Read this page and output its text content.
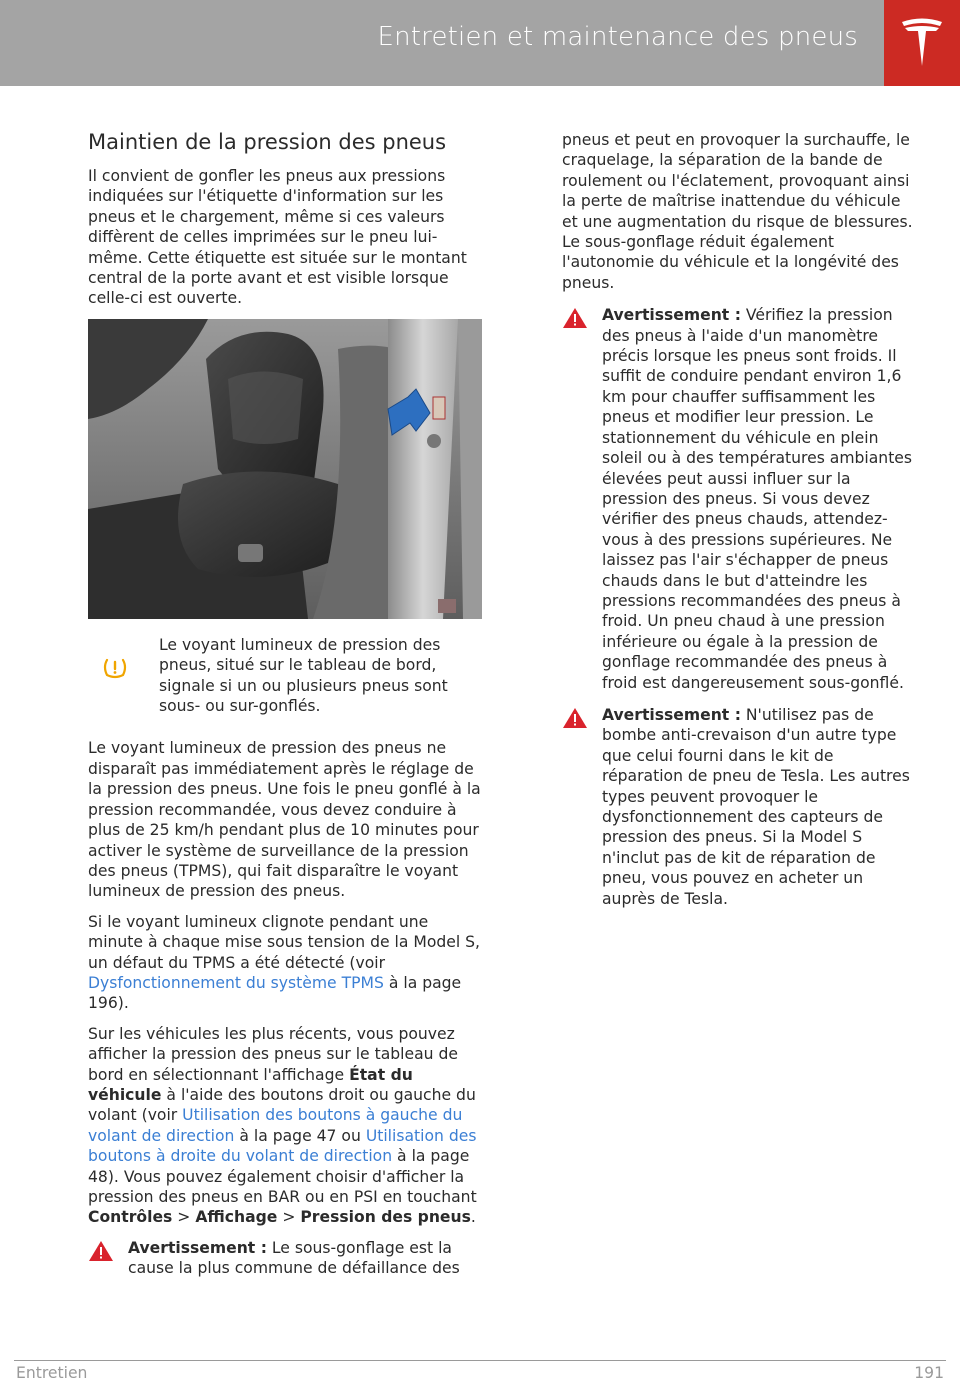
Entretien et maintenance des pneus
Maintien de la pression des pneus

Il convient de gonfler les pneus aux pressions indiquées sur l'étiquette d'information sur les pneus et le chargement, même si ces valeurs diffèrent de celles imprimées sur le pneu lui-même. Cette étiquette est située sur le montant central de la porte avant et est visible lorsque celle-ci est ouverte.

Le voyant lumineux de pression des pneus, situé sur le tableau de bord, signale si un ou plusieurs pneus sont sous- ou sur-gonflés.

Le voyant lumineux de pression des pneus ne disparaît pas immédiatement après le réglage de la pression des pneus. Une fois le pneu gonflé à la pression recommandée, vous devez conduire à plus de 25 km/h pendant plus de 10 minutes pour activer le système de surveillance de la pression des pneus (TPMS), qui fait disparaître le voyant lumineux de pression des pneus.

Si le voyant lumineux clignote pendant une minute à chaque mise sous tension de la Model S, un défaut du TPMS a été détecté (voir Dysfonctionnement du système TPMS à la page 196).

Sur les véhicules les plus récents, vous pouvez afficher la pression des pneus sur le tableau de bord en sélectionnant l'affichage État du véhicule à l'aide des boutons droit ou gauche du volant (voir Utilisation des boutons à gauche du volant de direction à la page 47 ou Utilisation des boutons à droite du volant de direction à la page 48). Vous pouvez également choisir d'afficher la pression des pneus en BAR ou en PSI en touchant Contrôles > Affichage > Pression des pneus.

Avertissement : Le sous-gonflage est la cause la plus commune de défaillance des

pneus et peut en provoquer la surchauffe, le craquelage, la séparation de la bande de roulement ou l'éclatement, provoquant ainsi la perte de maîtrise inattendue du véhicule et une augmentation du risque de blessures. Le sous-gonflage réduit également l'autonomie du véhicule et la longévité des pneus.

Avertissement : Vérifiez la pression des pneus à l'aide d'un manomètre précis lorsque les pneus sont froids. Il suffit de conduire pendant environ 1,6 km pour chauffer suffisamment les pneus et modifier leur pression. Le stationnement du véhicule en plein soleil ou à des températures ambiantes élevées peut aussi influer sur la pression des pneus. Si vous devez vérifier des pneus chauds, attendez-vous à des pressions supérieures. Ne laissez pas l'air s'échapper de pneus chauds dans le but d'atteindre les pressions recommandées des pneus à froid. Un pneu chaud à une pression inférieure ou égale à la pression de gonflage recommandée des pneus à froid est dangereusement sous-gonflé.
Avertissement : N'utilisez pas de bombe anti-crevaison d'un autre type que celui fourni dans le kit de réparation de pneu de Tesla. Les autres types peuvent provoquer le dysfonctionnement des capteurs de pression des pneus. Si la Model S n'inclut pas de kit de réparation de pneu, vous pouvez en acheter un auprès de Tesla.
Entretien	191
